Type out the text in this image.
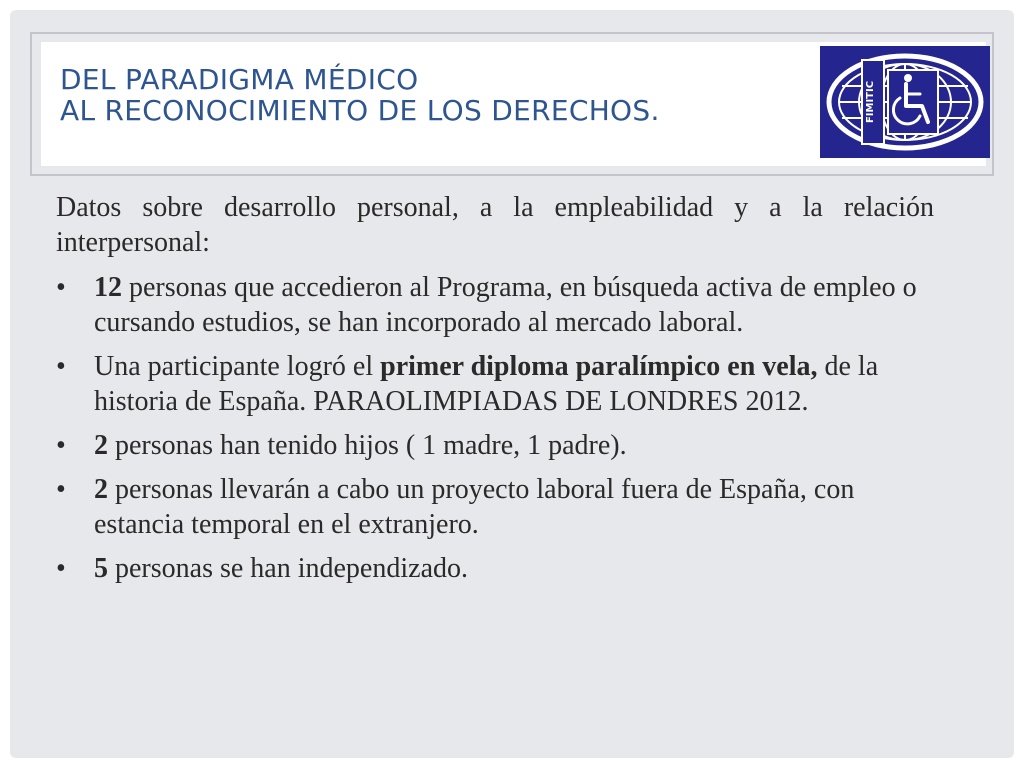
DEL PARADIGMA MÉDICO
AL RECONOCIMIENTO DE LOS DERECHOS.	FIMITIC

Datos sobre desarrollo personal, a la empleabilidad y a la relación interpersonal:

• 12 personas que accedieron al Programa, en búsqueda activa de empleo o cursando estudios, se han incorporado al mercado laboral.
• Una participante logró el primer diploma paralímpico en vela, de la historia de España. PARAOLIMPIADAS DE LONDRES 2012.
• 2 personas han tenido hijos ( 1 madre, 1 padre).
• 2 personas llevarán a cabo un proyecto laboral fuera de España, con estancia temporal en el extranjero.
• 5 personas se han independizado.
